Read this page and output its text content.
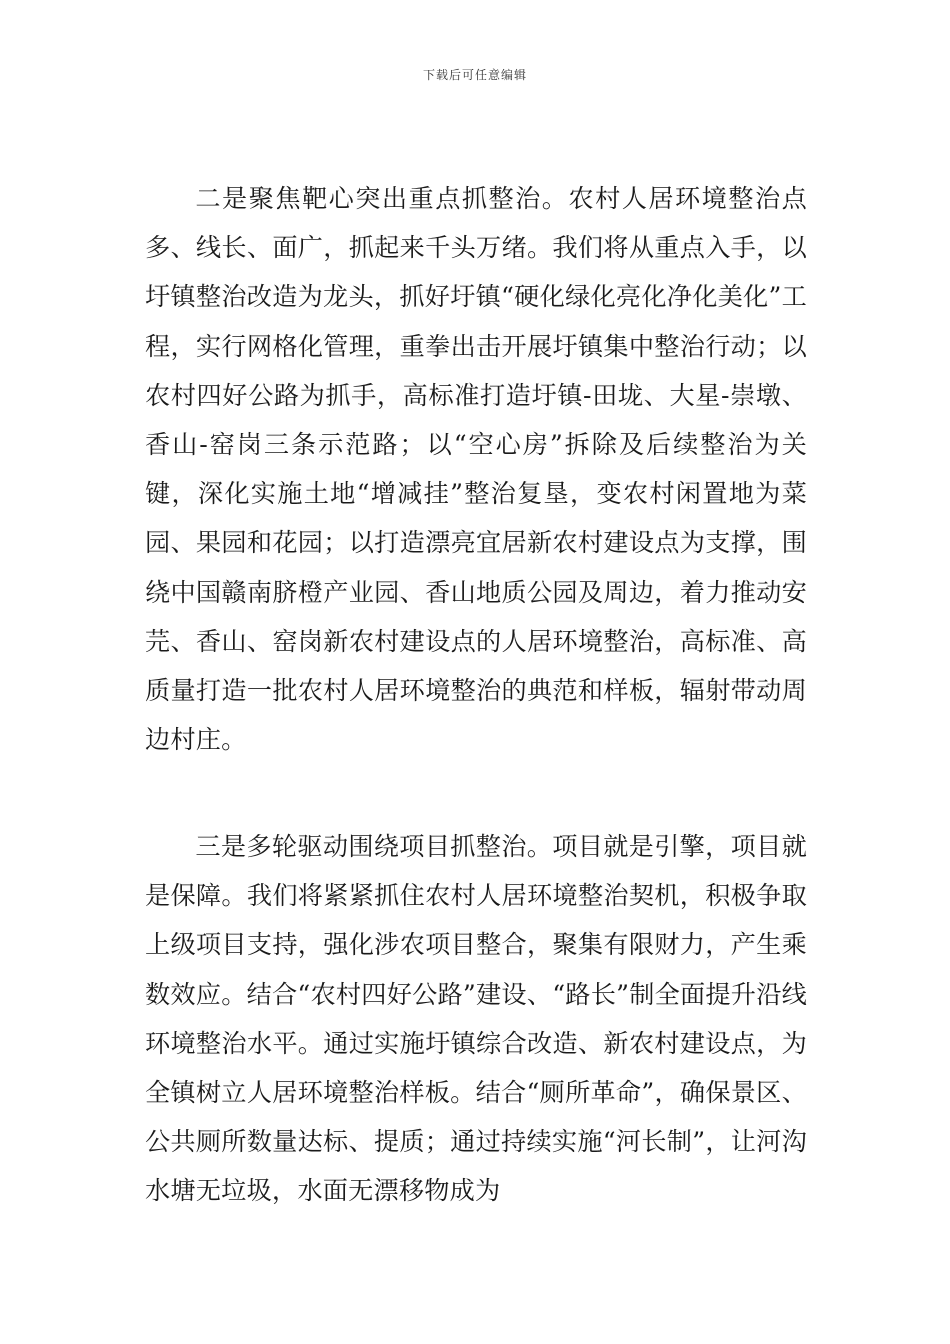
下载后可任意编辑

二是聚焦靶心突出重点抓整治。农村人居环境整治点多、线长、面广，抓起来千头万绪。我们将从重点入手，以圩镇整治改造为龙头，抓好圩镇“硬化绿化亮化净化美化”工程，实行网格化管理，重拳出击开展圩镇集中整治行动；以农村四好公路为抓手，高标准打造圩镇-田垅、大星-崇墩、香山-窑岗三条示范路；以“空心房”拆除及后续整治为关键，深化实施土地“增减挂”整治复垦，变农村闲置地为菜园、果园和花园；以打造漂亮宜居新农村建设点为支撑，围绕中国赣南脐橙产业园、香山地质公园及周边，着力推动安芫、香山、窑岗新农村建设点的人居环境整治，高标准、高质量打造一批农村人居环境整治的典范和样板，辐射带动周边村庄。

三是多轮驱动围绕项目抓整治。项目就是引擎，项目就是保障。我们将紧紧抓住农村人居环境整治契机，积极争取上级项目支持，强化涉农项目整合，聚集有限财力，产生乘数效应。结合“农村四好公路”建设、“路长”制全面提升沿线环境整治水平。通过实施圩镇综合改造、新农村建设点，为全镇树立人居环境整治样板。结合“厕所革命”，确保景区、公共厕所数量达标、提质；通过持续实施“河长制”，让河沟水塘无垃圾，水面无漂移物成为
